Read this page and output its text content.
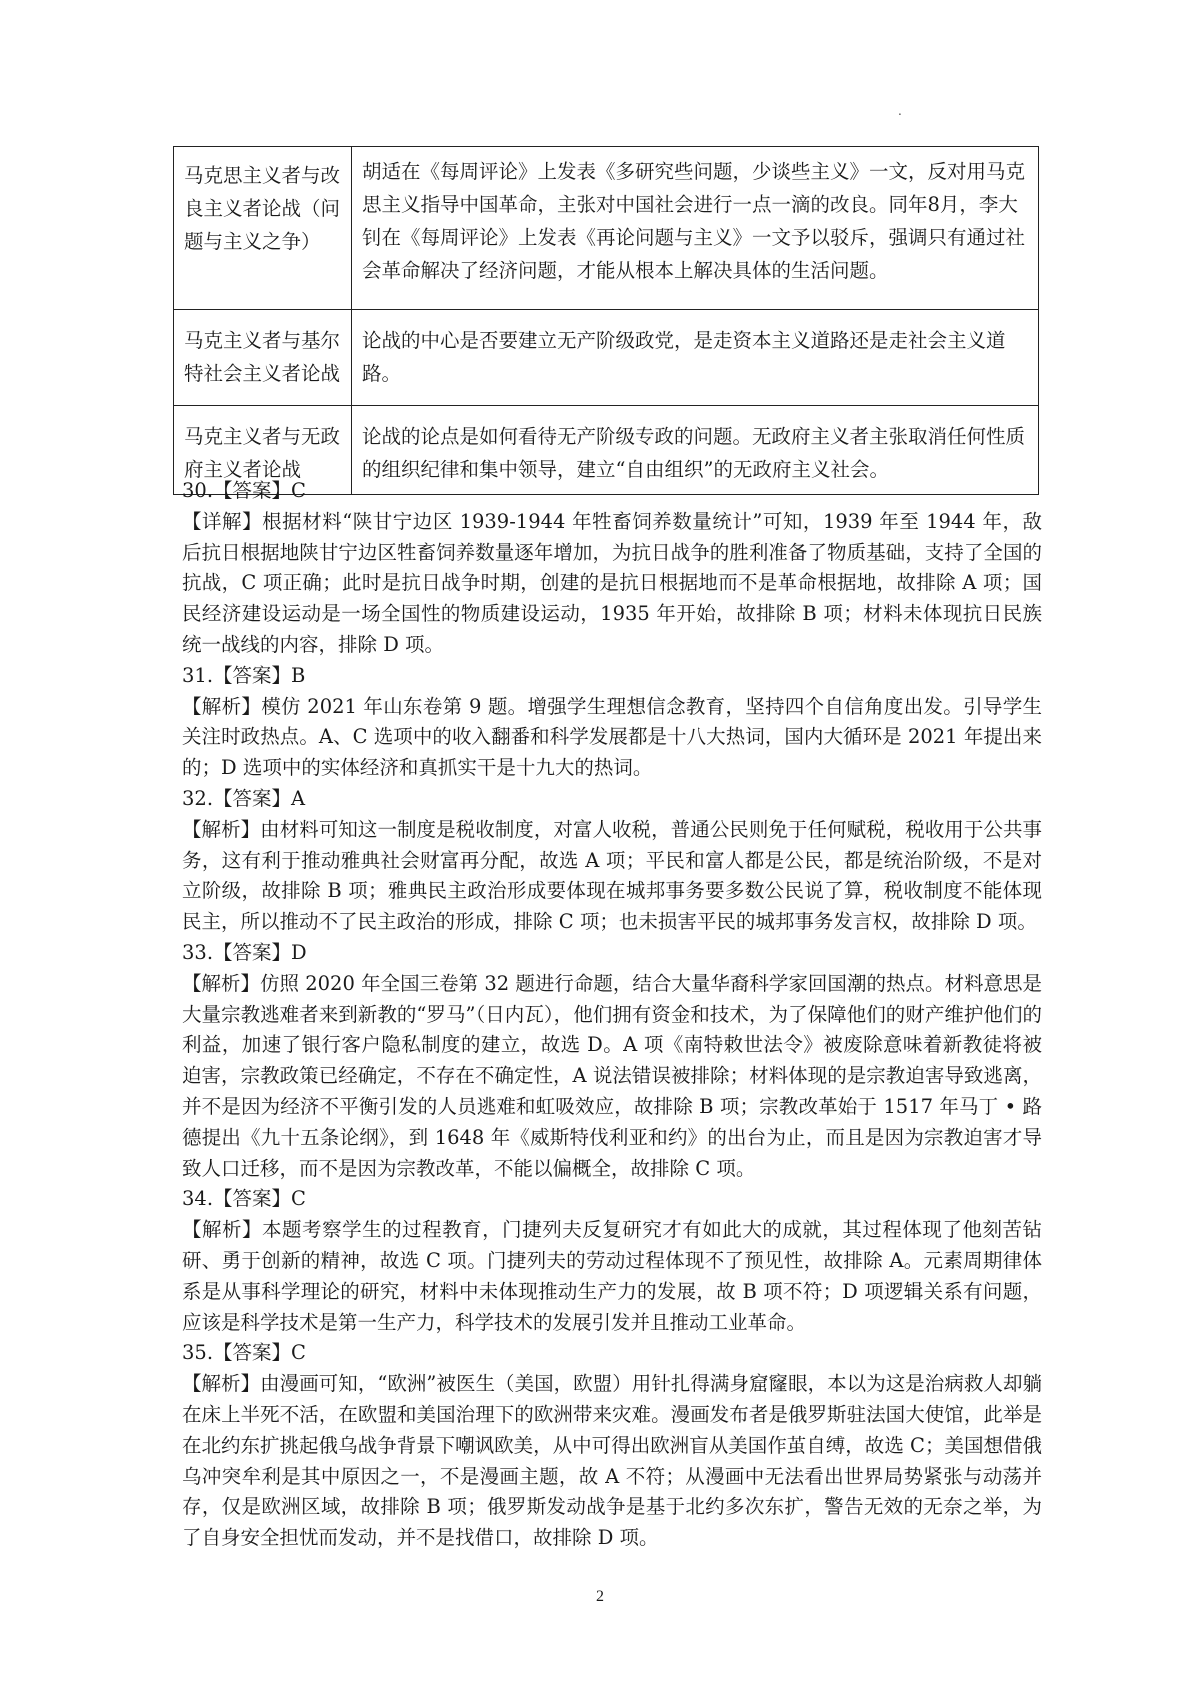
.
马克思主义者与改良主义者论战（问题与主义之争）	胡适在《每周评论》上发表《多研究些问题，少谈些主义》一文，反对用马克思主义指导中国革命，主张对中国社会进行一点一滴的改良。同年8月，李大钊在《每周评论》上发表《再论问题与主义》一文予以驳斥，强调只有通过社会革命解决了经济问题，才能从根本上解决具体的生活问题。
马克主义者与基尔特社会主义者论战	论战的中心是否要建立无产阶级政党，是走资本主义道路还是走社会主义道路。
马克主义者与无政府主义者论战	论战的论点是如何看待无产阶级专政的问题。无政府主义者主张取消任何性质的组织纪律和集中领导，建立“自由组织”的无政府主义社会。

30.【答案】C

【详解】根据材料“陕甘宁边区 1939-1944 年牲畜饲养数量统计”可知，1939 年至 1944 年，敌后抗日根据地陕甘宁边区牲畜饲养数量逐年增加，为抗日战争的胜利准备了物质基础，支持了全国的抗战，C 项正确；此时是抗日战争时期，创建的是抗日根据地而不是革命根据地，故排除 A 项；国民经济建设运动是一场全国性的物质建设运动，1935 年开始，故排除 B 项；材料未体现抗日民族统一战线的内容，排除 D 项。

31.【答案】B

【解析】模仿 2021 年山东卷第 9 题。增强学生理想信念教育，坚持四个自信角度出发。引导学生关注时政热点。A、C 选项中的收入翻番和科学发展都是十八大热词，国内大循环是 2021 年提出来的；D 选项中的实体经济和真抓实干是十九大的热词。

32.【答案】A

【解析】由材料可知这一制度是税收制度，对富人收税，普通公民则免于任何赋税，税收用于公共事务，这有利于推动雅典社会财富再分配，故选 A 项；平民和富人都是公民，都是统治阶级，不是对立阶级，故排除 B 项；雅典民主政治形成要体现在城邦事务要多数公民说了算，税收制度不能体现民主，所以推动不了民主政治的形成，排除 C 项；也未损害平民的城邦事务发言权，故排除 D 项。

33.【答案】D

【解析】仿照 2020 年全国三卷第 32 题进行命题，结合大量华裔科学家回国潮的热点。材料意思是大量宗教逃难者来到新教的“罗马”（日内瓦），他们拥有资金和技术，为了保障他们的财产维护他们的利益，加速了银行客户隐私制度的建立，故选 D。A 项《南特敕世法令》被废除意味着新教徒将被迫害，宗教政策已经确定，不存在不确定性，A 说法错误被排除；材料体现的是宗教迫害导致逃离，并不是因为经济不平衡引发的人员逃难和虹吸效应，故排除 B 项；宗教改革始于 1517 年马丁 • 路德提出《九十五条论纲》，到 1648 年《威斯特伐利亚和约》的出台为止，而且是因为宗教迫害才导致人口迁移，而不是因为宗教改革，不能以偏概全，故排除 C 项。

34.【答案】C

【解析】本题考察学生的过程教育，门捷列夫反复研究才有如此大的成就，其过程体现了他刻苦钻研、勇于创新的精神，故选 C 项。门捷列夫的劳动过程体现不了预见性，故排除 A。元素周期律体系是从事科学理论的研究，材料中未体现推动生产力的发展，故 B 项不符；D 项逻辑关系有问题，应该是科学技术是第一生产力，科学技术的发展引发并且推动工业革命。

35.【答案】C

【解析】由漫画可知，“欧洲”被医生（美国，欧盟）用针扎得满身窟窿眼，本以为这是治病救人却躺在床上半死不活，在欧盟和美国治理下的欧洲带来灾难。漫画发布者是俄罗斯驻法国大使馆，此举是在北约东扩挑起俄乌战争背景下嘲讽欧美，从中可得出欧洲盲从美国作茧自缚，故选 C；美国想借俄乌冲突牟利是其中原因之一，不是漫画主题，故 A 不符；从漫画中无法看出世界局势紧张与动荡并存，仅是欧洲区域，故排除 B 项；俄罗斯发动战争是基于北约多次东扩，警告无效的无奈之举，为了自身安全担忧而发动，并不是找借口，故排除 D 项。

2
